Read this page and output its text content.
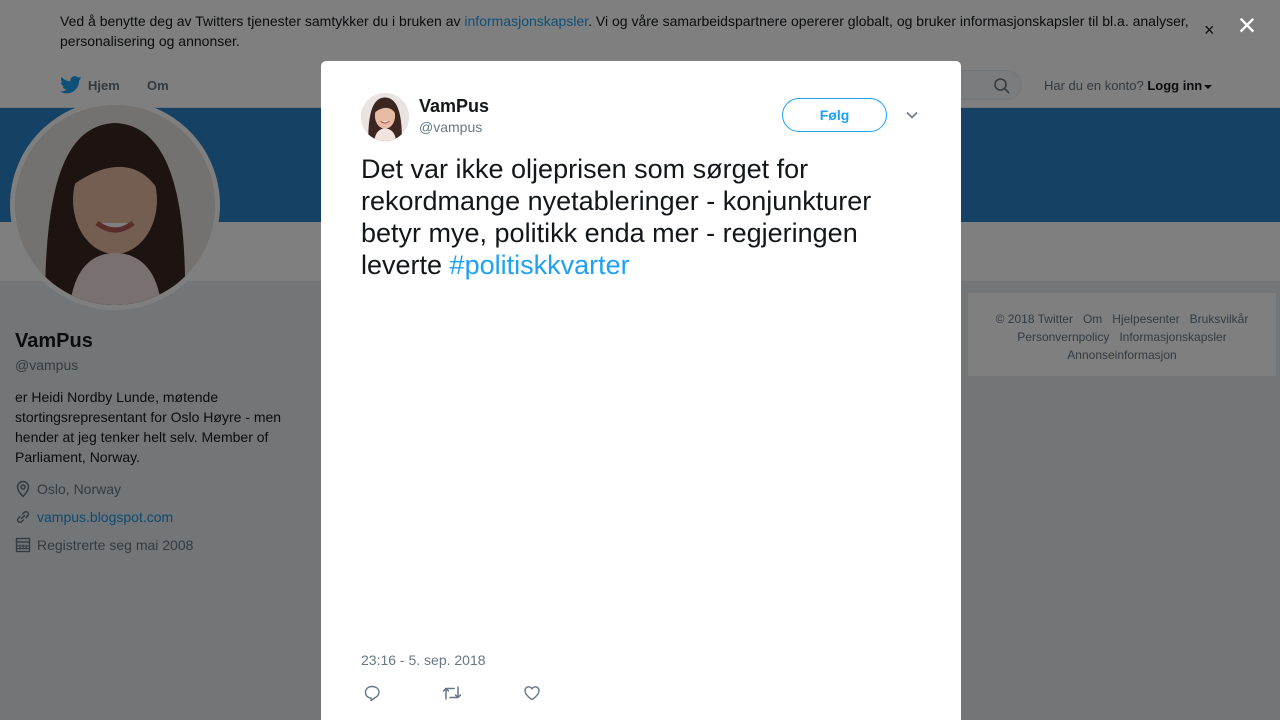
×
VamPus
@vampus
Følg
Det var ikke oljeprisen som sørget for rekordmange nyetableringer - konjunkturer betyr mye, politikk enda mer - regjeringen leverte #politiskkvarter
23:16 - 5. sep. 2018
